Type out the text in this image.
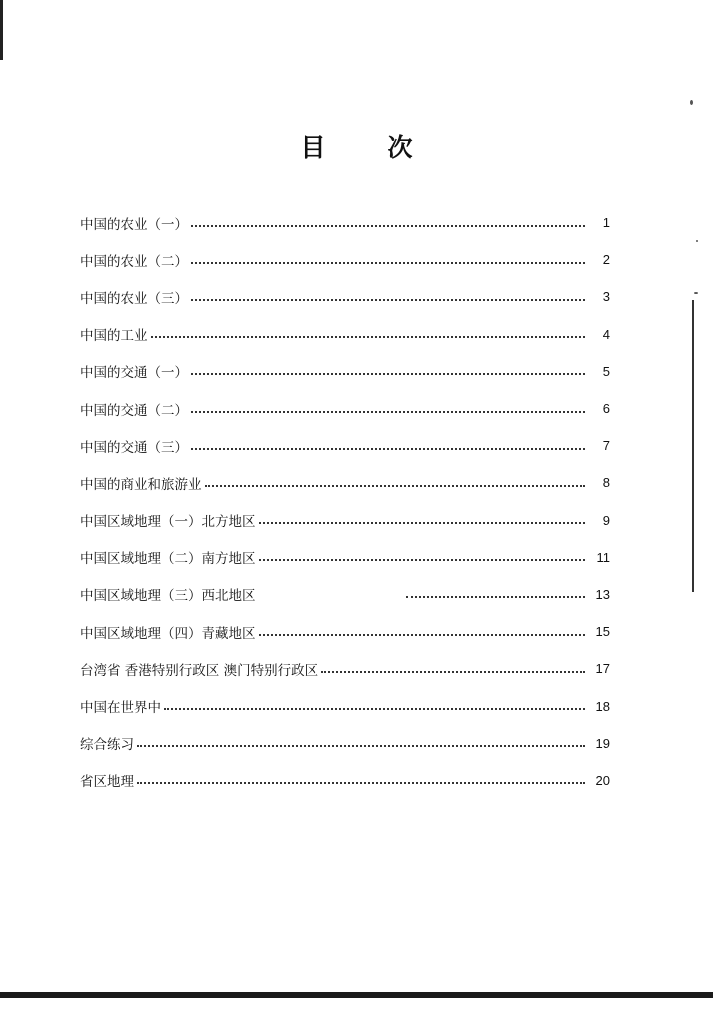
目 次
中国的农业（一）	1
中国的农业（二）	2
中国的农业（三）	3
中国的工业	4
中国的交通（一）	5
中国的交通（二）	6
中国的交通（三）	7
中国的商业和旅游业	8
中国区域地理（一）北方地区	9
中国区域地理（二）南方地区	11
中国区域地理（三）西北地区	13
中国区域地理（四）青藏地区	15
台湾省 香港特别行政区 澳门特别行政区	17
中国在世界中	18
综合练习	19
省区地理	20
